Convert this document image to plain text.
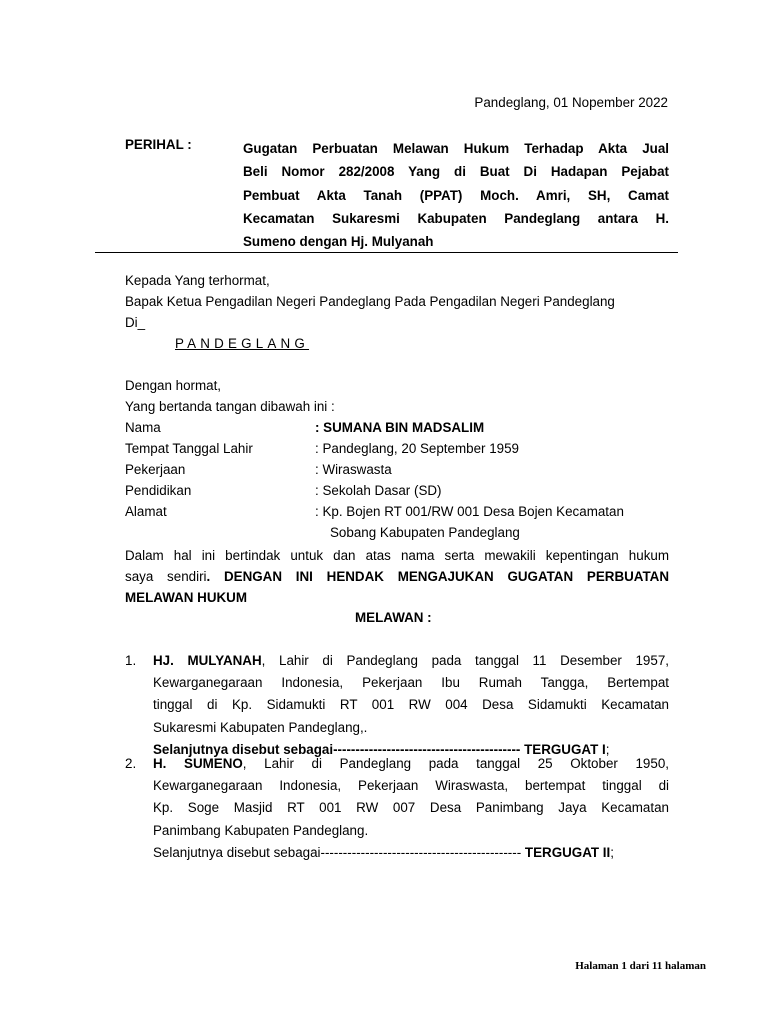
Pandeglang, 01 Nopember 2022
PERIHAL :	Gugatan Perbuatan Melawan Hukum Terhadap Akta Jual
Beli Nomor 282/2008 Yang di Buat Di Hadapan Pejabat
Pembuat Akta Tanah (PPAT) Moch. Amri, SH, Camat
Kecamatan Sukaresmi Kabupaten Pandeglang antara H.
Sumeno dengan Hj. Mulyanah
Kepada Yang terhormat,
Bapak Ketua Pengadilan Negeri Pandeglang Pada Pengadilan Negeri Pandeglang
Di_
PANDEGLANG
Dengan hormat,
Yang bertanda tangan dibawah ini :
Nama	: SUMANA BIN MADSALIM
Tempat Tanggal Lahir	: Pandeglang, 20 September 1959
Pekerjaan	: Wiraswasta
Pendidikan	: Sekolah Dasar (SD)
Alamat	: Kp. Bojen RT 001/RW 001 Desa Bojen Kecamatan
Sobang Kabupaten Pandeglang
Dalam hal ini bertindak untuk dan atas nama serta mewakili kepentingan hukum
saya sendiri. DENGAN INI HENDAK MENGAJUKAN GUGATAN PERBUATAN
MELAWAN HUKUM
MELAWAN :
1. HJ. MULYANAH, Lahir di Pandeglang pada tanggal 11 Desember 1957,
Kewarganegaraan Indonesia, Pekerjaan Ibu Rumah Tangga, Bertempat
tinggal di Kp. Sidamukti RT 001 RW 004 Desa Sidamukti Kecamatan
Sukaresmi Kabupaten Pandeglang,.
Selanjutnya disebut sebagai------------------------------------------ TERGUGAT I;
2. H. SUMENO, Lahir di Pandeglang pada tanggal 25 Oktober 1950,
Kewarganegaraan Indonesia, Pekerjaan Wiraswasta, bertempat tinggal di
Kp. Soge Masjid RT 001 RW 007 Desa Panimbang Jaya Kecamatan
Panimbang Kabupaten Pandeglang.
Selanjutnya disebut sebagai--------------------------------------------- TERGUGAT II;
Halaman 1 dari 11 halaman
